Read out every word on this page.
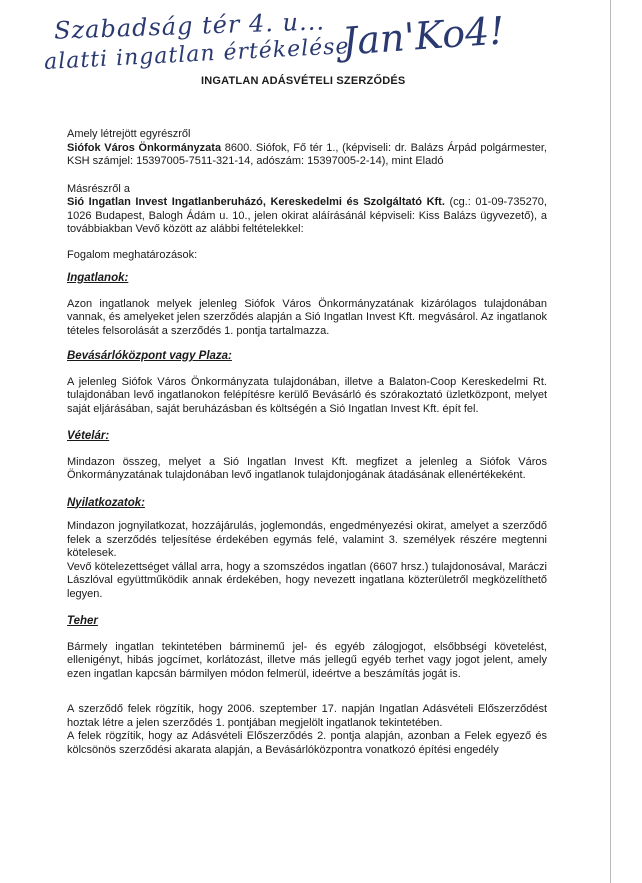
Szabadság tér 4. u...
alatti ingatlan értékelése
Jan'Ko4!
INGATLAN ADÁSVÉTELI SZERZŐDÉS

Amely létrejött egyrészről

Siófok Város Önkormányzata 8600. Siófok, Fő tér 1., (képviseli: dr. Balázs Árpád polgármester, KSH számjel: 15397005-7511-321-14, adószám: 15397005-2-14), mint Eladó

Másrészről a

Sió Ingatlan Invest Ingatlanberuházó, Kereskedelmi és Szolgáltató Kft. (cg.: 01-09-735270, 1026 Budapest, Balogh Ádám u. 10., jelen okirat aláírásánál képviseli: Kiss Balázs ügyvezető), a továbbiakban Vevő között az alábbi feltételekkel:

Fogalom meghatározások:

Ingatlanok:

Azon ingatlanok melyek jelenleg Siófok Város Önkormányzatának kizárólagos tulajdonában vannak, és amelyeket jelen szerződés alapján a Sió Ingatlan Invest Kft. megvásárol. Az ingatlanok tételes felsorolását a szerződés 1. pontja tartalmazza.

Bevásárlóközpont vagy Plaza:

A jelenleg Siófok Város Önkormányzata tulajdonában, illetve a Balaton-Coop Kereskedelmi Rt. tulajdonában levő ingatlanokon felépítésre kerülő Bevásárló és szórakoztató üzletközpont, melyet saját eljárásában, saját beruházásban és költségén a Sió Ingatlan Invest Kft. épít fel.

Vételár:

Mindazon összeg, melyet a Sió Ingatlan Invest Kft. megfizet a jelenleg a Siófok Város Önkormányzatának tulajdonában levő ingatlanok tulajdonjogának átadásának ellenértékeként.

Nyilatkozatok:

Mindazon jognyilatkozat, hozzájárulás, joglemondás, engedményezési okirat, amelyet a szerződő felek a szerződés teljesítése érdekében egymás felé, valamint 3. személyek részére megtenni kötelesek.

Vevő kötelezettséget vállal arra, hogy a szomszédos ingatlan (6607 hrsz.) tulajdonosával, Maráczi Lászlóval együttműködik annak érdekében, hogy nevezett ingatlana közterületről megközelíthető legyen.

Teher

Bármely ingatlan tekintetében bárminemű jel- és egyéb zálogjogot, elsőbbségi követelést, ellenigényt, hibás jogcímet, korlátozást, illetve más jellegű egyéb terhet vagy jogot jelent, amely ezen ingatlan kapcsán bármilyen módon felmerül, ideértve a beszámítás jogát is.

A szerződő felek rögzítik, hogy 2006. szeptember 17. napján Ingatlan Adásvételi Előszerződést hoztak létre a jelen szerződés 1. pontjában megjelölt ingatlanok tekintetében.

A felek rögzítik, hogy az Adásvételi Előszerződés 2. pontja alapján, azonban a Felek egyező és kölcsönös szerződési akarata alapján, a Bevásárlóközpontra vonatkozó építési engedély
